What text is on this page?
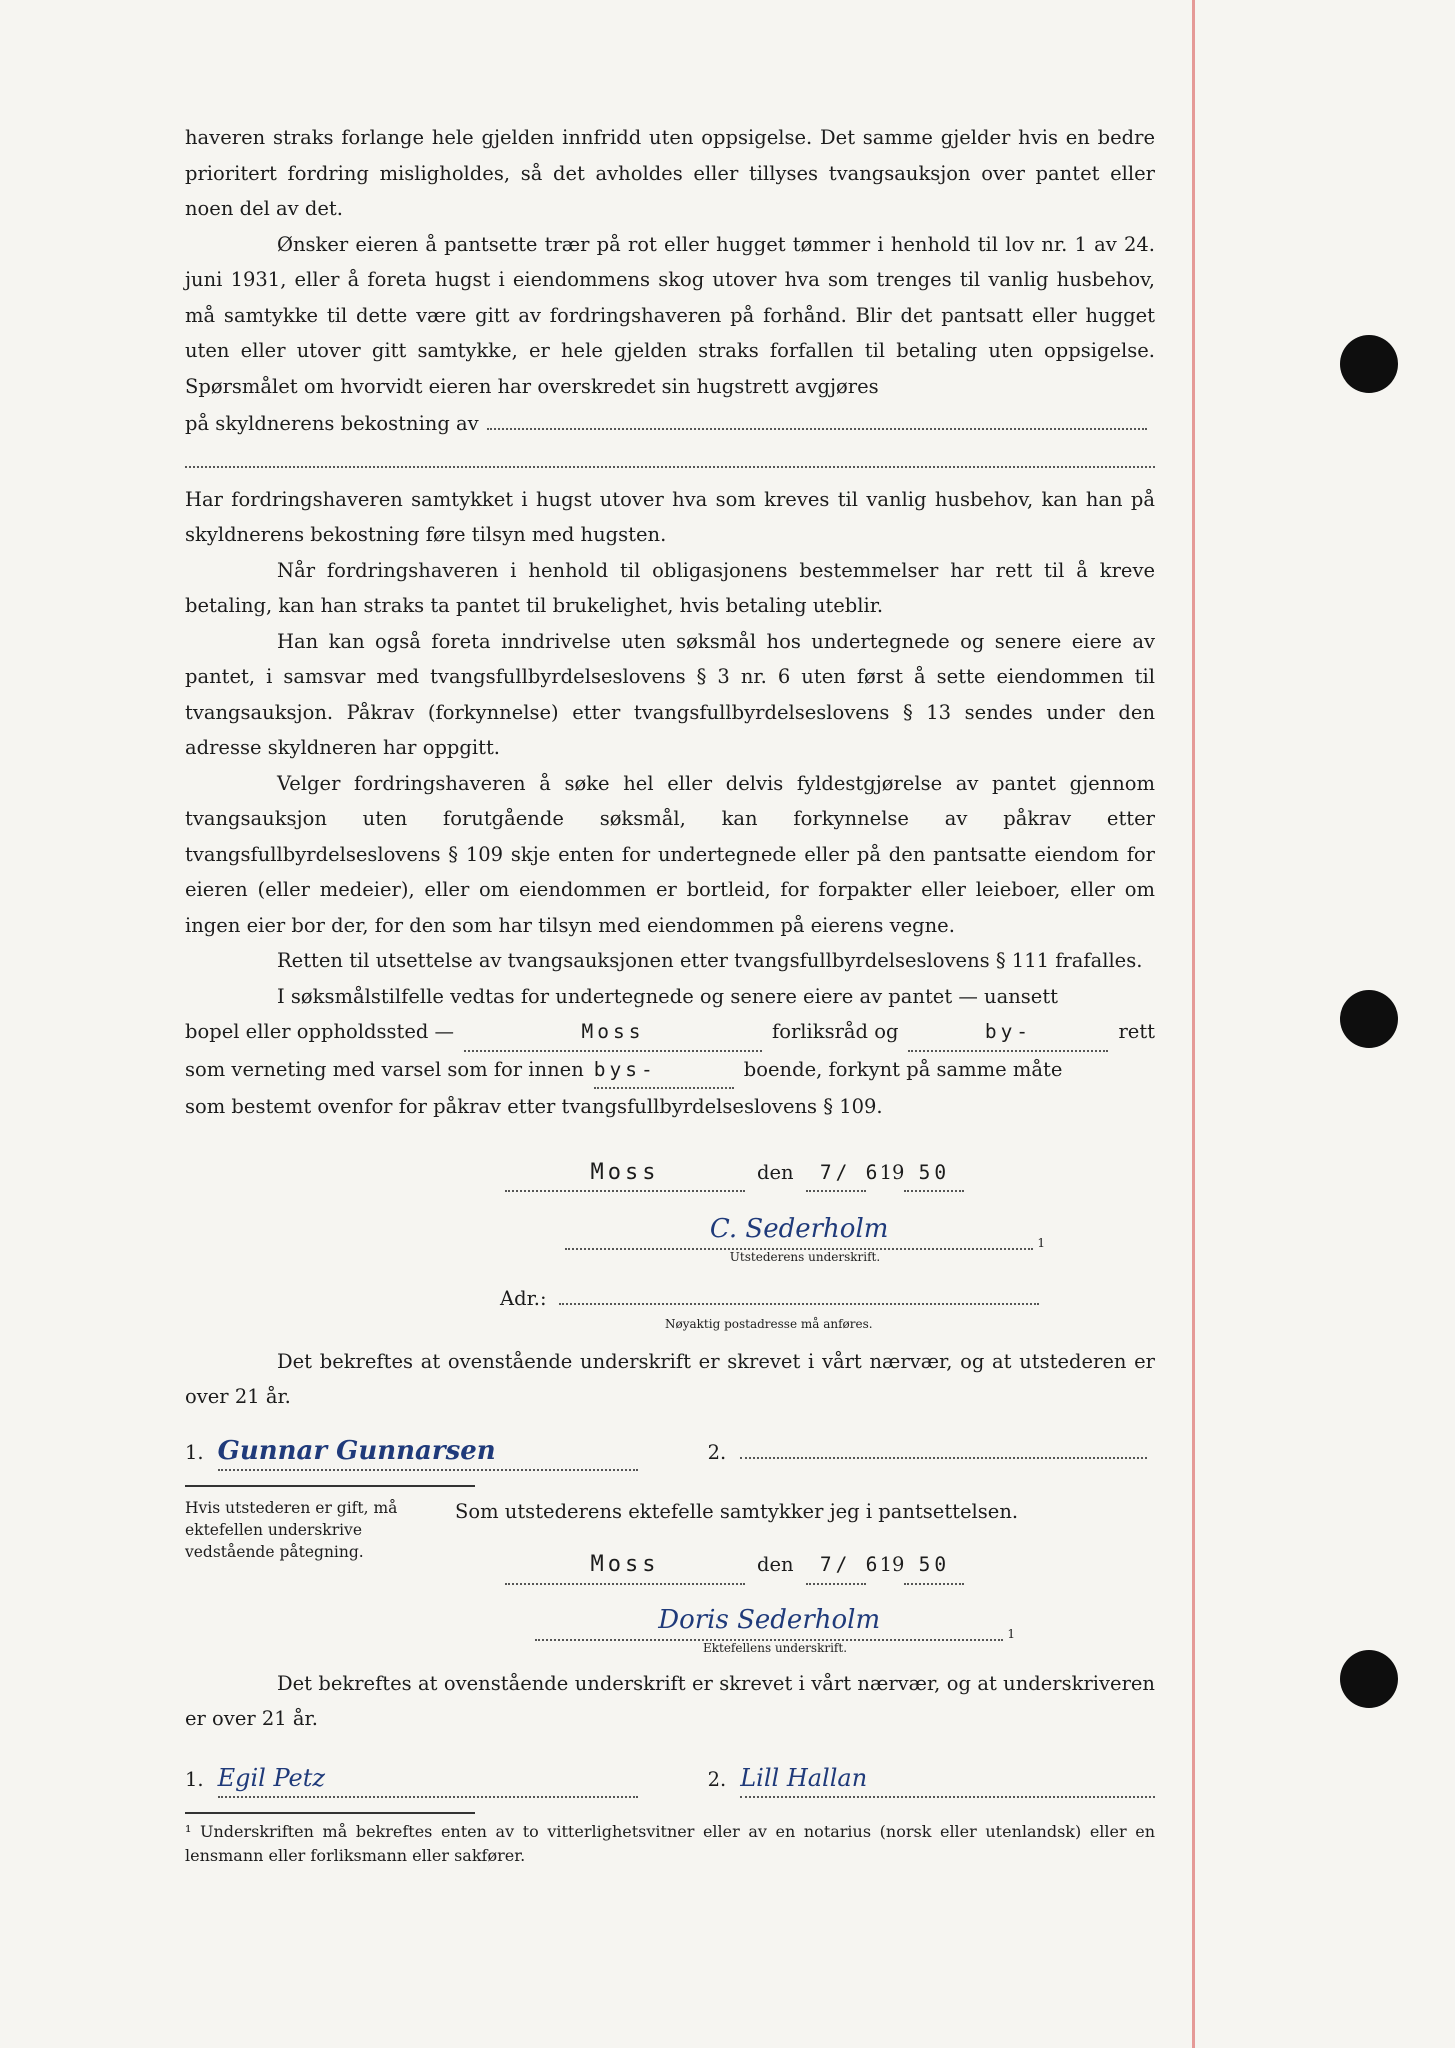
haveren straks forlange hele gjelden innfridd uten oppsigelse. Det samme gjelder hvis en bedre prioritert fordring misligholdes, så det avholdes eller tillyses tvangsauksjon over pantet eller noen del av det.

Ønsker eieren å pantsette trær på rot eller hugget tømmer i henhold til lov nr. 1 av 24. juni 1931, eller å foreta hugst i eiendommens skog utover hva som trenges til vanlig husbehov, må samtykke til dette være gitt av fordringshaveren på forhånd. Blir det pantsatt eller hugget uten eller utover gitt samtykke, er hele gjelden straks forfallen til betaling uten oppsigelse. Spørsmålet om hvorvidt eieren har overskredet sin hugstrett avgjøres

på skyldnerens bekostning av

Har fordringshaveren samtykket i hugst utover hva som kreves til vanlig husbehov, kan han på skyldnerens bekostning føre tilsyn med hugsten.

Når fordringshaveren i henhold til obligasjonens bestemmelser har rett til å kreve betaling, kan han straks ta pantet til brukelighet, hvis betaling uteblir.

Han kan også foreta inndrivelse uten søksmål hos undertegnede og senere eiere av pantet, i samsvar med tvangsfullbyrdelseslovens § 3 nr. 6 uten først å sette eiendommen til tvangsauksjon. Påkrav (forkynnelse) etter tvangsfullbyrdelseslovens § 13 sendes under den adresse skyldneren har oppgitt.

Velger fordringshaveren å søke hel eller delvis fyldestgjørelse av pantet gjennom tvangsauksjon uten forutgående søksmål, kan forkynnelse av påkrav etter tvangsfullbyrdelseslovens § 109 skje enten for undertegnede eller på den pantsatte eiendom for eieren (eller medeier), eller om eiendommen er bortleid, for forpakter eller leieboer, eller om ingen eier bor der, for den som har tilsyn med eiendommen på eierens vegne.

Retten til utsettelse av tvangsauksjonen etter tvangsfullbyrdelseslovens § 111 frafalles.

I søksmålstilfelle vedtas for undertegnede og senere eiere av pantet — uansett

bopel eller oppholdssted —	Moss	forliksråd og	by-	rett
som verneting med varsel som for innen bys-	boende, forkynt på samme måte
som bestemt ovenfor for påkrav etter tvangsfullbyrdelseslovens § 109.
Moss	den	7/ 6
19 50
C. Sederholm	$_1$
Utstederens underskrift.
Adr.:
Nøyaktig postadresse må anføres.

Det bekreftes at ovenstående underskrift er skrevet i vårt nærvær, og at utstederen er over 21 år.

1. Gunnar Gunnarsen	2.
Hvis utstederen er gift, må ektefellen underskrive vedstående påtegning.
Som utstederens ektefelle samtykker jeg i pantsettelsen.
Moss	den	7/ 6
19 50
Doris Sederholm	$_1$
Ektefellens underskrift.

Det bekreftes at ovenstående underskrift er skrevet i vårt nærvær, og at underskriveren er over 21 år.

1. Egil Petz	2. Lill Hallan
¹ Underskriften må bekreftes enten av to vitterlighetsvitner eller av en notarius (norsk eller utenlandsk) eller en lensmann eller forliksmann eller sakfører.
